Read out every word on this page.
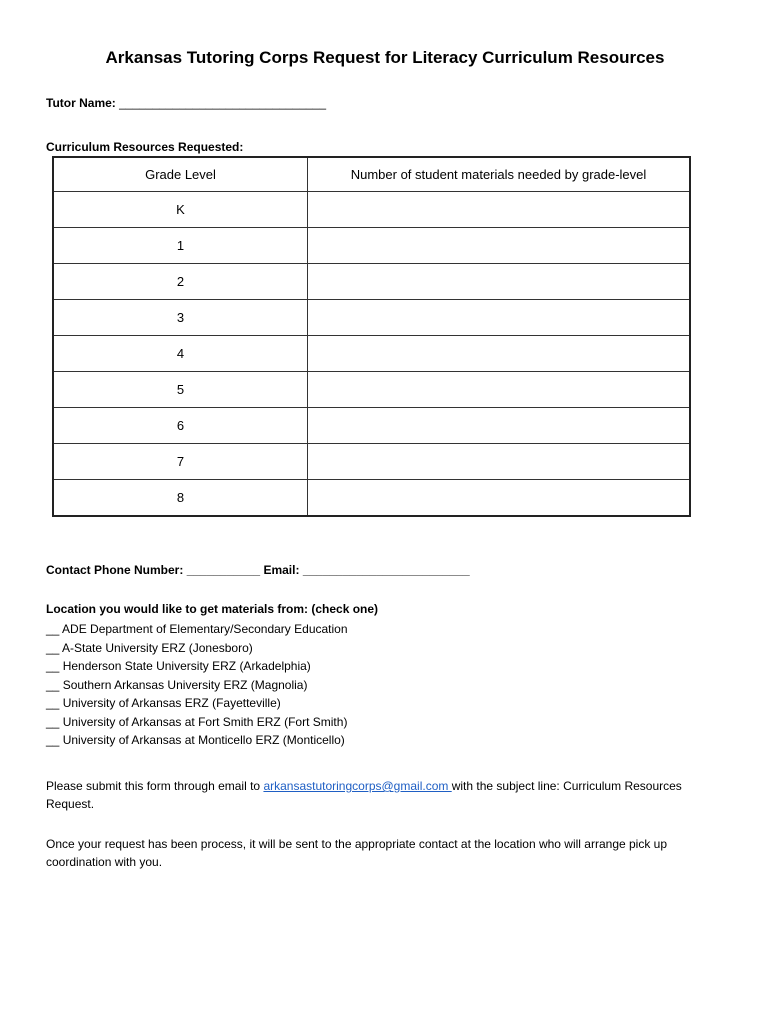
Arkansas Tutoring Corps Request for Literacy Curriculum Resources
Tutor Name: _______________________________
Curriculum Resources Requested:
Grade Level	Number of student materials needed by grade-level
K	
1	
2	
3	
4	
5	
6	
7	
8	
Contact Phone Number: ___________ Email: _________________________
Location you would like to get materials from: (check one)
__ ADE Department of Elementary/Secondary Education
__ A-State University ERZ (Jonesboro)
__ Henderson State University ERZ (Arkadelphia)
__ Southern Arkansas University ERZ (Magnolia)
__ University of Arkansas ERZ (Fayetteville)
__ University of Arkansas at Fort Smith ERZ (Fort Smith)
__ University of Arkansas at Monticello ERZ (Monticello)
Please submit this form through email to arkansastutoringcorps@gmail.com with the subject line: Curriculum Resources Request.
Once your request has been process, it will be sent to the appropriate contact at the location who will arrange pick up coordination with you.
